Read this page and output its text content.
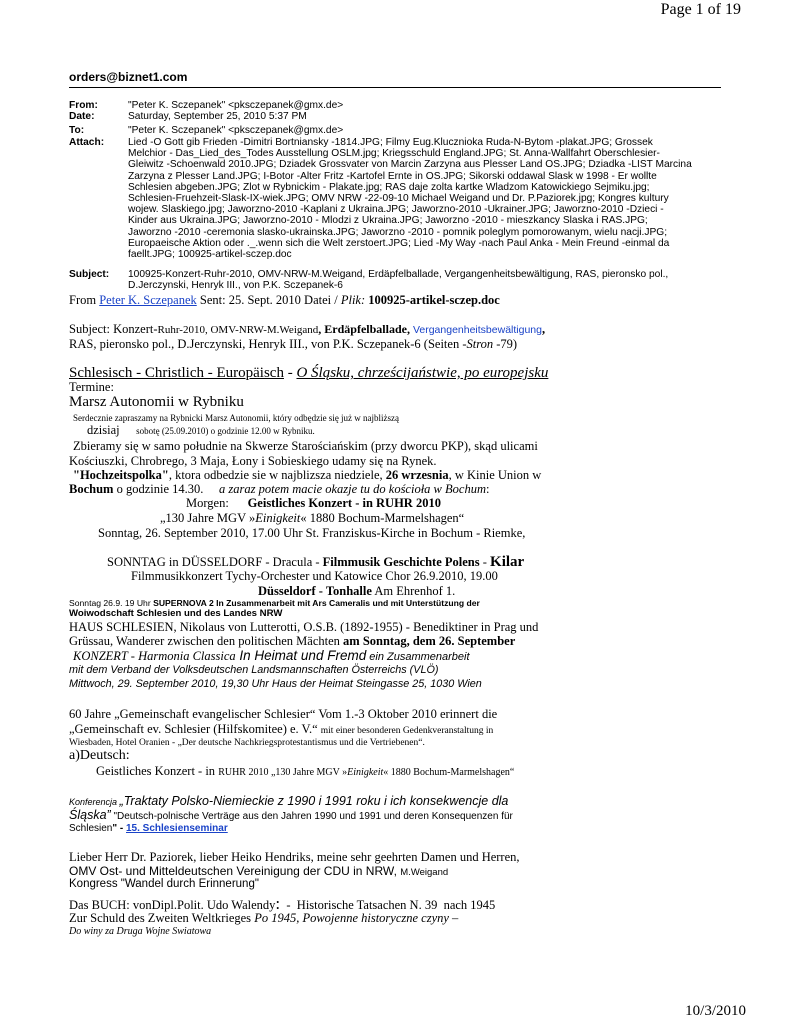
Page 1 of 19
orders@biznet1.com
From:	"Peter K. Sczepanek" <pksczepanek@gmx.de>
Date:	Saturday, September 25, 2010 5:37 PM
To:	"Peter K. Sczepanek" <pksczepanek@gmx.de>
Attach: Lied -O Gott gib Frieden -Dimitri Bortniansky -1814.JPG; Filmy Eug.Klucznioka Ruda-N-Bytom -plakat.JPG; Grossek
Melchior - Das_Lied_des_Todes Ausstellung OSLM.jpg; Kriegsschuld England.JPG; St. Anna-Wallfahrt Oberschlesier-
Gleiwitz -Schoenwald 2010.JPG; Dziadek Grossvater von Marcin Zarzyna aus Plesser Land OS.JPG; Dziadka -LIST Marcina
Zarzyna z Plesser Land.JPG; I-Botor -Alter Fritz -Kartofel Ernte in OS.JPG; Sikorski oddawal Slask w 1998 - Er wollte
Schlesien abgeben.JPG; Zlot w Rybnickim - Plakate.jpg; RAS daje zolta kartke Wladzom Katowickiego Sejmiku.jpg;
Schlesien-Fruehzeit-Slask-IX-wiek.JPG; OMV NRW -22-09-10 Michael Weigand und Dr. P.Paziorek.jpg; Kongres kultury
wojew. Slaskiego.jpg; Jaworzno-2010 -Kaplani z Ukraina.JPG; Jaworzno-2010 -Ukrainer.JPG; Jaworzno-2010 -Dzieci -
Kinder aus Ukraina.JPG; Jaworzno-2010 - Mlodzi z Ukraina.JPG; Jaworzno -2010 - mieszkancy Slaska i RAS.JPG;
Jaworzno -2010 -ceremonia slasko-ukrainska.JPG; Jaworzno -2010 - pomnik poleglym pomorowanym, wielu nacji.JPG;
Europaeische Aktion oder ._.wenn sich die Welt zerstoert.JPG; Lied -My Way -nach Paul Anka - Mein Freund -einmal da
faellt.JPG; 100925-artikel-sczep.doc
Subject: 100925-Konzert-Ruhr-2010, OMV-NRW-M.Weigand, Erdäpfelballade, Vergangenheitsbewältigung, RAS, pieronsko pol.,
D.Jerczynski, Henryk III., von P.K. Sczepanek-6
From Peter K. Sczepanek Sent: 25. Sept. 2010 Datei / Plik: 100925-artikel-sczep.doc
Subject: Konzert-Ruhr-2010, OMV-NRW-M.Weigand, Erdäpfelballade, Vergangenheitsbewältigung,
RAS, pieronsko pol., D.Jerczynski, Henryk III., von P.K. Sczepanek-6 (Seiten -Stron -79)
Schlesisch - Christlich - Europäisch - O Śląsku, chrześcijaństwie, po europejsku
Termine:
Marsz Autonomii w Rybniku
Serdecznie zapraszamy na Rybnicki Marsz Autonomii, który odbędzie się już w najbliższą
dzisiaj sobotę (25.09.2010) o godzinie 12.00 w Rybniku.
Zbieramy się w samo południe na Skwerze Starościańskim (przy dworcu PKP), skąd ulicami
Kościuszki, Chrobrego, 3 Maja, Łony i Sobieskiego udamy się na Rynek.
"Hochzeitspolka", ktora odbedzie sie w najblizsza niedziele, 26 wrzesnia, w Kinie Union w
Bochum o godzinie 14.30.     a zaraz potem macie okazje tu do kościoła w Bochum:
Morgen:      Geistliches Konzert - in RUHR 2010
„130 Jahre MGV »Einigkeit« 1880 Bochum-Marmelshagen“
Sonntag, 26. September 2010, 17.00 Uhr St. Franziskus-Kirche in Bochum - Riemke,
SONNTAG in DÜSSELDORF - Dracula - Filmmusik Geschichte Polens - Kilar
Filmmusikkonzert Tychy-Orchester und Katowice Chor 26.9.2010, 19.00
Düsseldorf - Tonhalle Am Ehrenhof 1.
Sonntag 26.9. 19 Uhr SUPERNOVA 2 In Zusammenarbeit mit Ars Cameralis und mit Unterstützung der
Woiwodschaft Schlesien und des Landes NRW
HAUS SCHLESIEN, Nikolaus von Lutterotti, O.S.B. (1892-1955) - Benediktiner in Prag und
Grüssau, Wanderer zwischen den politischen Mächten am Sonntag, dem 26. September
KONZERT - Harmonia Classica In Heimat und Fremd ein Zusammenarbeit
mit dem Verband der Volksdeutschen Landsmannschaften Österreichs (VLÖ)
Mittwoch, 29. September 2010, 19,30 Uhr Haus der Heimat Steingasse 25, 1030 Wien
60 Jahre „Gemeinschaft evangelischer Schlesier“ Vom 1.-3 Oktober 2010 erinnert die
„Gemeinschaft ev. Schlesier (Hilfskomitee) e. V.“ mit einer besonderen Gedenkveranstaltung in
Wiesbaden, Hotel Oranien - „Der deutsche Nachkriegsprotestantismus und die Vertriebenen“.
a)Deutsch:
Geistliches Konzert - in RUHR 2010 „130 Jahre MGV »Einigkeit« 1880 Bochum-Marmelshagen“
Konferencja „Traktaty Polsko-Niemieckie z 1990 i 1991 roku i ich konsekwencje dla
Śląska” "Deutsch-polnische Verträge aus den Jahren 1990 und 1991 und deren Konsequenzen für
Schlesien" - 15. Schlesienseminar
Lieber Herr Dr. Paziorek, lieber Heiko Hendriks, meine sehr geehrten Damen und Herren,
OMV Ost- und Mitteldeutschen Vereinigung der CDU in NRW, M.Weigand
Kongress "Wandel durch Erinnerung"
Das BUCH: vonDipl.Polit. Udo Walendy:  -  Historische Tatsachen N. 39  nach 1945
Zur Schuld des Zweiten Weltkrieges Po 1945, Powojenne historyczne czyny –
Do winy za Druga Wojne Swiatowa
10/3/2010
